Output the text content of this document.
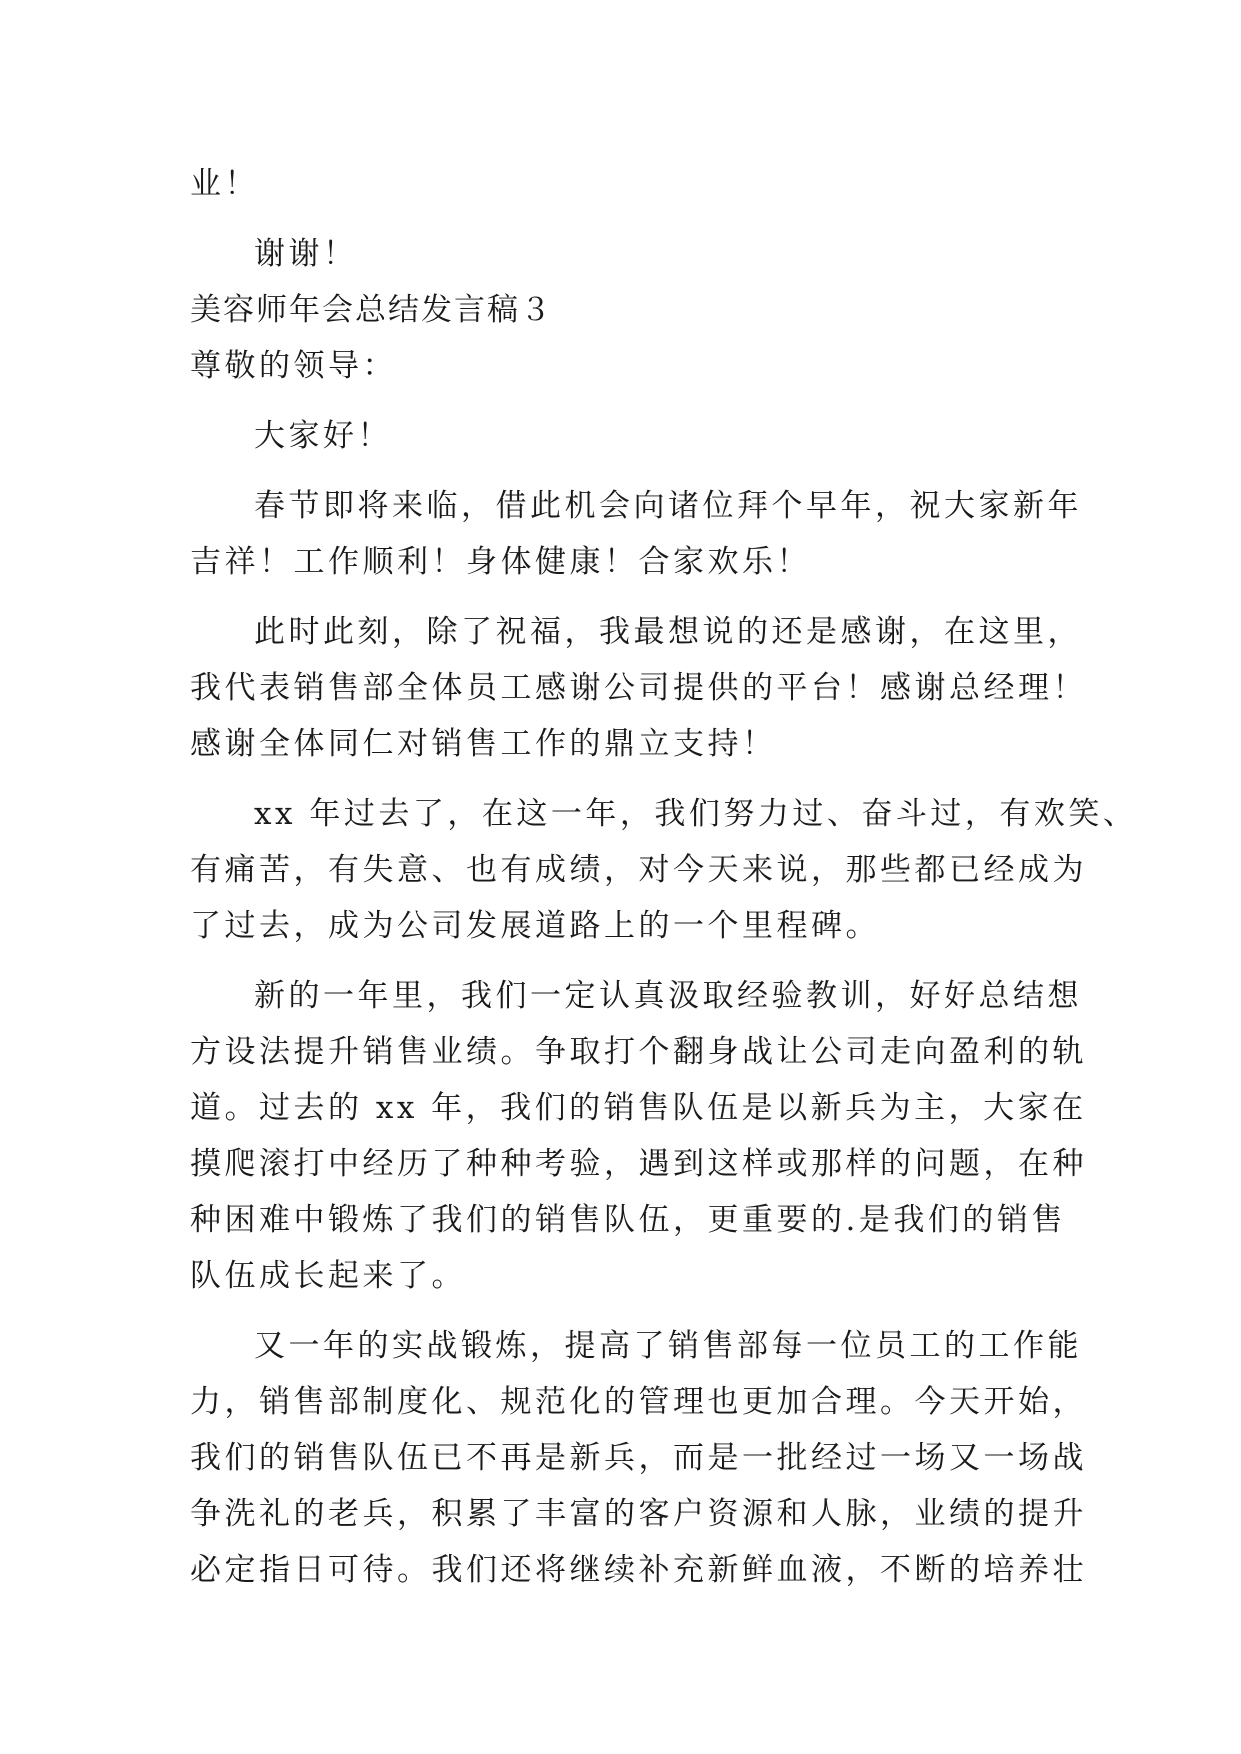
业！
谢谢！
美容师年会总结发言稿３
尊敬的领导：
大家好！
春节即将来临，借此机会向诸位拜个早年，祝大家新年
吉祥！工作顺利！身体健康！合家欢乐！
此时此刻，除了祝福，我最想说的还是感谢，在这里，
我代表销售部全体员工感谢公司提供的平台！感谢总经理！
感谢全体同仁对销售工作的鼎立支持！
xx 年过去了，在这一年，我们努力过、奋斗过，有欢笑、
有痛苦，有失意、也有成绩，对今天来说，那些都已经成为
了过去，成为公司发展道路上的一个里程碑。
新的一年里，我们一定认真汲取经验教训，好好总结想
方设法提升销售业绩。争取打个翻身战让公司走向盈利的轨
道。过去的 xx 年，我们的销售队伍是以新兵为主，大家在
摸爬滚打中经历了种种考验，遇到这样或那样的问题，在种
种困难中锻炼了我们的销售队伍，更重要的.是我们的销售
队伍成长起来了。
又一年的实战锻炼，提高了销售部每一位员工的工作能
力，销售部制度化、规范化的管理也更加合理。今天开始，
我们的销售队伍已不再是新兵，而是一批经过一场又一场战
争洗礼的老兵，积累了丰富的客户资源和人脉，业绩的提升
必定指日可待。我们还将继续补充新鲜血液，不断的培养壮
